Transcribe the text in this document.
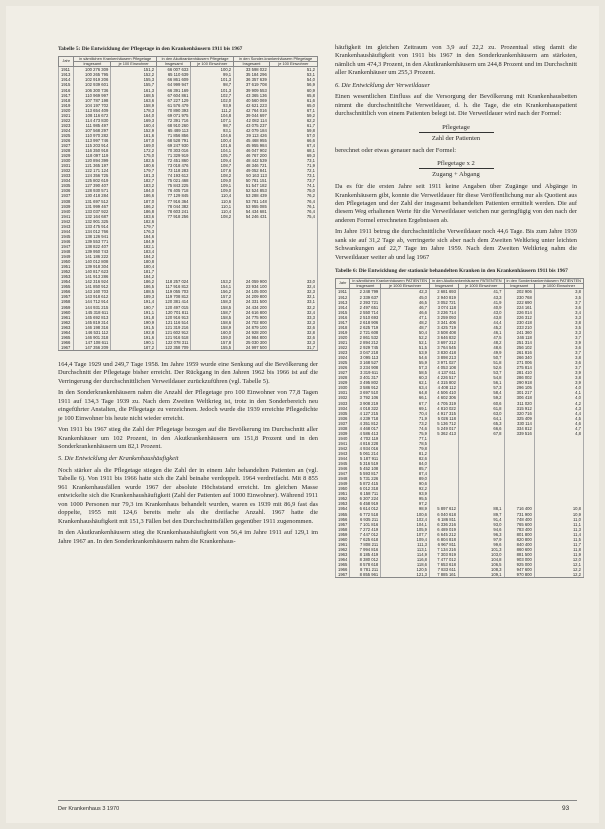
Tabelle 5: Die Entwicklung der Pflegetage in den Krankenhäusern 1911 bis 1967
Jahr	in sämtlichen Krankenhäusern Pflegetage		in den Akutkrankenhäusern Pflegetage		in den Sonder-krankenhäusern Pflegetage	
	insgesamt	je 100 Einwohner	Insgesamt	je 100 Einwohner	Insgesamt	je 100 Einwohner
1911	100 276 309	151,2	66 007 633	100,2	33 598 022	51,2
1913	100 265 795	152,2	65 110 639	99,1	35 184 296	53,1
1914	102 919 206	155,3	66 861 609	101,3	36 357 639	54,0
1915	102 939 601	155,7	64 999 947	98,7	37 619 708	56,9
1916	106 300 736	161,3	66 391 169	101,3	39 909 553	60,9
1917	110 969 997	168,5	67 604 861	102,7	43 365 136	65,8
1918	107 787 198	163,6	67 227 129	102,0	40 560 069	61,6
1919	104 197 702	158,9	61 576 479	93,9	42 621 223	65,0
1920	113 654 409	178,3	70 890 393	111,2	42 764 016	67,1
1921	108 116 672	164,0	69 071 975	104,8	39 044 697	59,2
1922	114 473 830	169,3	72 391 716	107,1	42 082 114	62,2
1923	111 985 497	160,4	68 910 260	98,7	43 075 237	61,7
1924	107 568 297	152,9	65 489 113	93,1	42 079 184	59,8
1925	110 970 282	161,6	71 856 856	104,6	39 113 426	57,0
1926	113 997 746	167,0	68 528 791	100,4	45 468 955	66,6
1927	115 203 914	169,0	69 247 930	101,6	45 955 984	67,4
1928	116 350 918	172,2	70 303 016	104,1	46 047 902	68,1
1929	118 097 119	175,0	71 329 919	105,7	46 767 200	69,3
1930	120 894 399	182,5	72 451 860	109,4	48 442 539	73,1
1931	121 365 197	180,6	73 018 476	108,7	48 346 721	71,9
1932	122 171 124	179,7	73 118 283	107,6	49 052 841	72,1
1933	124 356 725	181,3	74 193 612	108,2	50 163 113	73,1
1934	125 802 619	182,7	75 021 468	109,0	50 781 151	73,7
1935	127 390 407	183,2	75 843 225	109,1	51 547 182	74,1
1936	128 930 571	184,0	76 405 718	109,0	52 524 853	75,0
1937	130 418 284	186,6	77 129 845	110,4	53 288 439	76,2
1938	131 697 512	187,0	77 916 364	110,6	53 781 148	76,4
1939	131 999 467	186,2	78 044 382	110,1	53 955 085	76,1
1940	133 037 922	186,8	78 603 241	110,4	54 434 681	76,4
1941	132 164 687	183,6	77 918 256	108,2	54 246 431	75,4
1942	132 901 325	182,6				
1943	133 475 914	179,7				
1944	134 012 766	176,3				
1945	138 126 941	184,6				
1946	139 553 771	184,9				
1947	138 822 407	182,1				
1948	139 950 743	183,4				
1949	141 186 222	184,2				
1950	140 012 808	180,8				
1951	139 918 304	180,4				
1952	140 817 623	181,7				
1953	141 913 286	184,2				
1954	142 316 924	186,2	118 257 024	153,2	24 059 900	33,0
1955	141 850 912	186,5	117 916 812	154,1	23 934 100	32,4
1956	143 160 703	188,5	119 055 703	156,2	24 105 000	32,3
1957	143 918 612	189,3	119 708 812	157,2	24 209 800	32,1
1958	144 712 914	191,4	120 381 414	158,3	24 331 500	33,1
1959	144 931 215	190,7	120 497 015	158,5	24 434 200	32,2
1960	145 318 611	191,1	120 701 811	158,7	24 616 800	32,4
1961	145 692 813	191,8	120 916 913	158,5	24 775 900	33,3
1962	145 819 314	190,9	121 116 514	158,6	24 702 800	32,3
1963	146 198 316	191,5	121 319 216	158,9	24 879 100	32,6
1964	146 531 112	192,8	121 602 912	160,0	24 928 200	32,8
1965	146 901 318	191,6	121 916 518	159,0	24 984 800	32,6
1966	147 108 611	190,1	122 078 311	157,8	25 030 300	32,3
1967	147 356 209	187,2	122 358 709	155,5	24 997 500	31,7

164,4 Tage 1929 und 249,7 Tage 1958. Im Jahre 1959 wurde eine Senkung auf die Bevölkerung der Durchschnitt der Pflegetage bisher erreicht. Der Rückgang in den Jahren 1962 bis 1966 ist auf die Verringerung der durchschnittlichen Verweildauer zurückzuführen (vgl. Tabelle 5).

In den Sonderkrankenhäusern nahm die Anzahl der Pflegetage pro 100 Einwohner von 77,8 Tagen 1911 auf 134,3 Tage 1939 zu. Nach dem Zweiten Weltkrieg ist, trotz in den Sonderbereich neu eingeführter Anstalten, die Pflegetage zu verzeichnen. Jedoch wurde die 1939 erreichte Pflegedichte je 100 Einwohner bis heute nicht wieder erreicht.

Von 1911 bis 1967 stieg die Zahl der Pflegetage bezogen auf die Bevölkerung im Durchschnitt aller Krankenhäuser um 102 Prozent, in den Akutkrankenhäusern um 151,8 Prozent und in den Sonderkrankenhäusern um 82,1 Prozent.

5. Die Entwicklung der Krankenhaushäufigkeit

Noch stärker als die Pflegetage stiegen die Zahl der in einem Jahr behandelten Patienten an (vgl. Tabelle 6). Von 1911 bis 1966 hatte sich die Zahl beinahe verdoppelt. 1964 verdreifacht. Mit 8 855 961 Krankenhausfällen wurde 1967 der absolute Höchststand erreicht. Im gleichen Masse entwickelte sich die Krankenhaushäufigkeit (Zahl der Patienten auf 1000 Einwohner). Während 1911 von 1000 Personen nur 79,3 im Krankenhaus behandelt wurden, waren es 1939 mit 86,9 fast das doppelte, 1955 mit 124,6 bereits mehr als die dreifache Anzahl. 1967 hatte die Krankenhaushäufigkeit mit 151,3 Fällen bei den Durchschnittsfällen gegenüber 1911 zugenommen.

In den Akutkrankenhäusern stieg die Krankenhaushäufigkeit von 56,4 im Jahre 1911 auf 129,1 im Jahre 1967 an. In den Sonderkrankenhäusern nahm die Krankenhaus-

häufigkeit im gleichen Zeitraum von 3,9 auf 22,2 zu. Prozentual stieg damit die Krankenhaushäufigkeit von 1911 bis 1967 in den Sonderkrankenhäusern am stärksten, nämlich um 474,3 Prozent, in den Akutkrankenhäusern um 244,8 Prozent und im Durchschnitt aller Krankenhäuser um 255,3 Prozent.

6. Die Entwicklung der Verweildauer

Einen wesentlichen Einfluss auf die Versorgung der Bevölkerung mit Krankenhausbetten nimmt die durchschnittliche Verweildauer, d. h. die Tage, die ein Krankenhauspatient durchschnittlich von einem Patienten belegt ist. Die Verweildauer wird nach der Formel:

Pflegetage
Zahl der Patienten

berechnet oder etwas genauer nach der Formel:

Pflegetage x 2
Zugang + Abgang

Da es für die ersten Jahre seit 1911 keine Angaben über Zugänge und Abgänge in Krankenhäusern gibt, konnte die Verweildauer für diese Veröffentlichung nur als Quotient aus den Pflegetagen und der Zahl der insgesamt behandelten Patienten ermittelt werden. Die auf diesem Weg erhaltenen Werte für die Verweildauer weichen nur geringfügig von den nach der anderen Formel errechneten Ergebnissen ab.

Im Jahre 1911 betrug die durchschnittliche Verweildauer noch 44,6 Tage. Bis zum Jahre 1939 sank sie auf 31,2 Tage ab, verringerte sich aber nach dem Zweiten Weltkrieg unter leichten Schwankungen auf 22,7 Tage im Jahre 1959. Nach dem Zweiten Weltkrieg nahm die Verweildauer weiter ab und lag 1967

Tabelle 6: Die Entwicklung der stationär behandelten Kranken in den Krankenhäusern 1911 bis 1967
Jahr	in sämtlichen Krankenhäusern PATIENTEN		in den Akutkrankenhäusern PATIENTEN		in den Sonderkrankenhäusern PATIENTEN	
	Insgesamt	je 1000 Einwohner	Insgesamt	je 1000 Einwohner	Insgesamt	je 1000 Einwohner
1911	2 248 799	42,3	2 681 693	41,7	202 906	3,8
1912	2 339 637	45,0	2 940 819	43,3	230 768	3,5
1913	2 393 721	46,5	3 052 721	41,9	222 690	3,7
1914	2 497 651	46,7	3 074 118	40,9	224 161	3,6
1915	2 550 714	46,6	3 236 714	43,0	226 014	3,4
1916	2 510 693	47,1	3 259 093	43,8	226 312	3,3
1917	2 618 906	48,2	3 341 406	44,4	230 418	3,8
1918	2 625 719	48,7	3 425 719	45,2	233 210	3,5
1919	2 721 608	50,4	3 508 408	46,1	241 360	3,3
1920	2 861 532	52,2	3 646 832	47,5	246 118	3,7
1921	2 894 212	52,1	3 697 212	48,2	251 314	3,9
1922	2 929 745	51,5	3 764 545	48,6	256 102	3,6
1923	3 047 218	53,9	3 830 418	49,9	261 816	3,7
1924	3 095 113	54,6	3 898 213	50,7	266 340	3,8
1925	3 168 527	55,9	3 971 027	51,8	271 006	3,6
1926	3 234 908	57,3	4 053 108	52,6	275 814	3,7
1927	3 319 611	58,5	4 137 611	53,7	281 410	3,9
1928	3 401 317	60,3	4 226 517	54,8	286 002	3,8
1929	3 495 802	62,1	4 315 802	56,1	290 918	3,9
1930	3 586 912	63,4	4 408 112	57,3	296 105	4,0
1931	3 697 510	64,8	4 506 410	58,4	301 217	4,1
1932	3 792 106	66,1	4 602 306	59,2	306 418	4,0
1933	3 908 219	67,7	4 705 319	60,6	311 020	4,2
1934	4 018 322	69,1	4 810 022	61,8	315 912	4,3
1935	4 127 215	70,4	4 917 315	63,0	320 716	4,4
1936	4 239 718	71,9	5 026 118	64,1	325 409	4,5
1937	4 351 812	73,2	5 136 712	65,3	330 114	4,6
1938	4 468 017	74,6	5 249 017	66,6	334 812	4,7
1939	4 586 413	75,9	5 362 413	67,8	339 516	4,8
1940	4 702 119	77,1				
1941	4 816 228	78,5				
1942	4 934 016	79,8				
1943	5 061 214	81,2				
1944	5 187 911	82,6				
1945	5 316 519	84,0				
1946	5 452 108	85,7				
1947	5 593 817	87,4				
1948	5 731 226	89,0				
1949	5 872 415	90,6				
1950	6 012 318	92,2				
1951	6 158 711	93,9				
1952	6 307 224	95,5				
1953	6 458 919	97,2				
1954	6 614 012	98,9	5 897 612	88,1	716 400	10,8
1955	6 772 518	100,6	6 040 618	89,7	731 900	10,9
1956	6 935 211	102,4	6 186 811	91,4	748 400	11,0
1957	7 101 816	104,1	6 336 216	93,0	765 600	11,1
1958	7 272 419	105,9	6 489 019	94,6	783 400	11,3
1959	7 447 012	107,7	6 645 212	96,3	801 800	11,4
1960	7 625 618	109,4	6 804 818	97,9	820 800	11,5
1961	7 808 211	111,3	6 967 811	99,6	840 400	11,7
1962	7 994 816	113,1	7 134 216	101,3	860 600	11,8
1963	8 185 419	114,9	7 303 919	103,0	881 500	11,9
1964	8 380 012	116,8	7 477 012	104,8	903 000	12,0
1965	8 578 618	118,6	7 653 618	106,5	925 000	12,1
1966	8 781 211	120,5	7 833 611	108,3	947 600	12,2
1967	8 855 961	121,3	7 885 161	109,1	970 800	12,2
Der Krankenhaus 3 1970	93
